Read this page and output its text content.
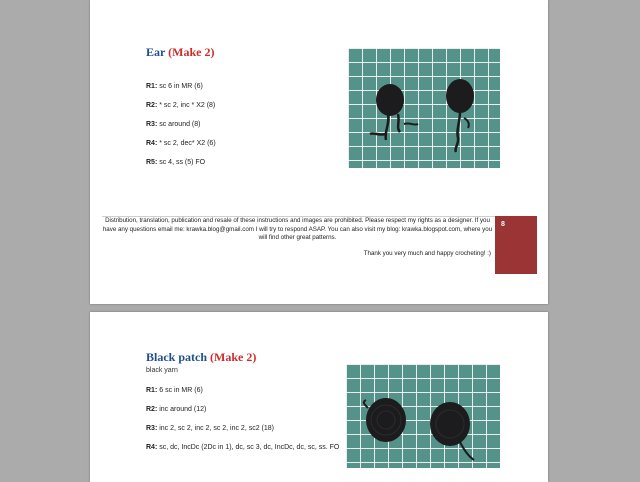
Ear (Make 2)
R1: sc 6 in MR (6)
R2: * sc 2, inc * X2 (8)
R3: sc around (8)
R4: * sc 2, dec* X2 (6)
R5: sc 4, ss (5) FO
Distribution, translation, publication and resale of these instructions and images are prohibited. Please respect my rights as a designer. If you have any questions email me: krawka.blog@gmail.com I will try to respond ASAP. You can also visit my blog: krawka.blogspot.com, where you will find other great patterns.
Thank you very much and happy crocheting! :)
8
Black patch (Make 2)
black yarn
R1: 6 sc in MR (6)
R2: inc around (12)
R3: inc 2, sc 2, inc 2, sc 2, inc 2, sc2 (18)
R4: sc, dc, IncDc (2Dc in 1), dc, sc 3, dc, IncDc, dc, sc, ss. FO
